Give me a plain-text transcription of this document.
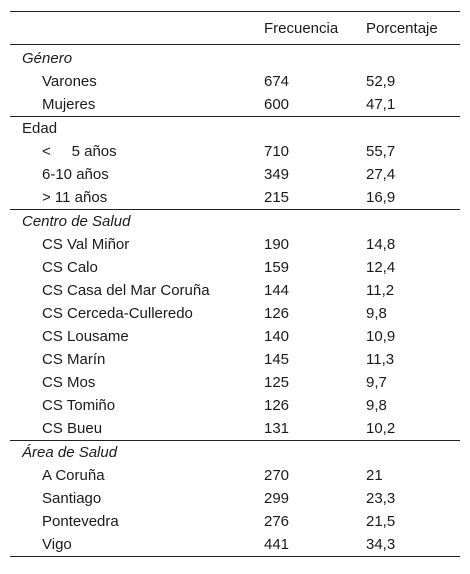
	Frecuencia	Porcentaje
Género		
Varones	674	52,9
Mujeres	600	47,1
Edad		
<     5 años	710	55,7
6-10 años	349	27,4
> 11 años	215	16,9
Centro de Salud		
CS Val Miñor	190	14,8
CS Calo	159	12,4
CS Casa del Mar Coruña	144	11,2
CS Cerceda-Culleredo	126	9,8
CS Lousame	140	10,9
CS Marín	145	11,3
CS Mos	125	9,7
CS Tomiño	126	9,8
CS Bueu	131	10,2
Área de Salud		
A Coruña	270	21
Santiago	299	23,3
Pontevedra	276	21,5
Vigo	441	34,3
